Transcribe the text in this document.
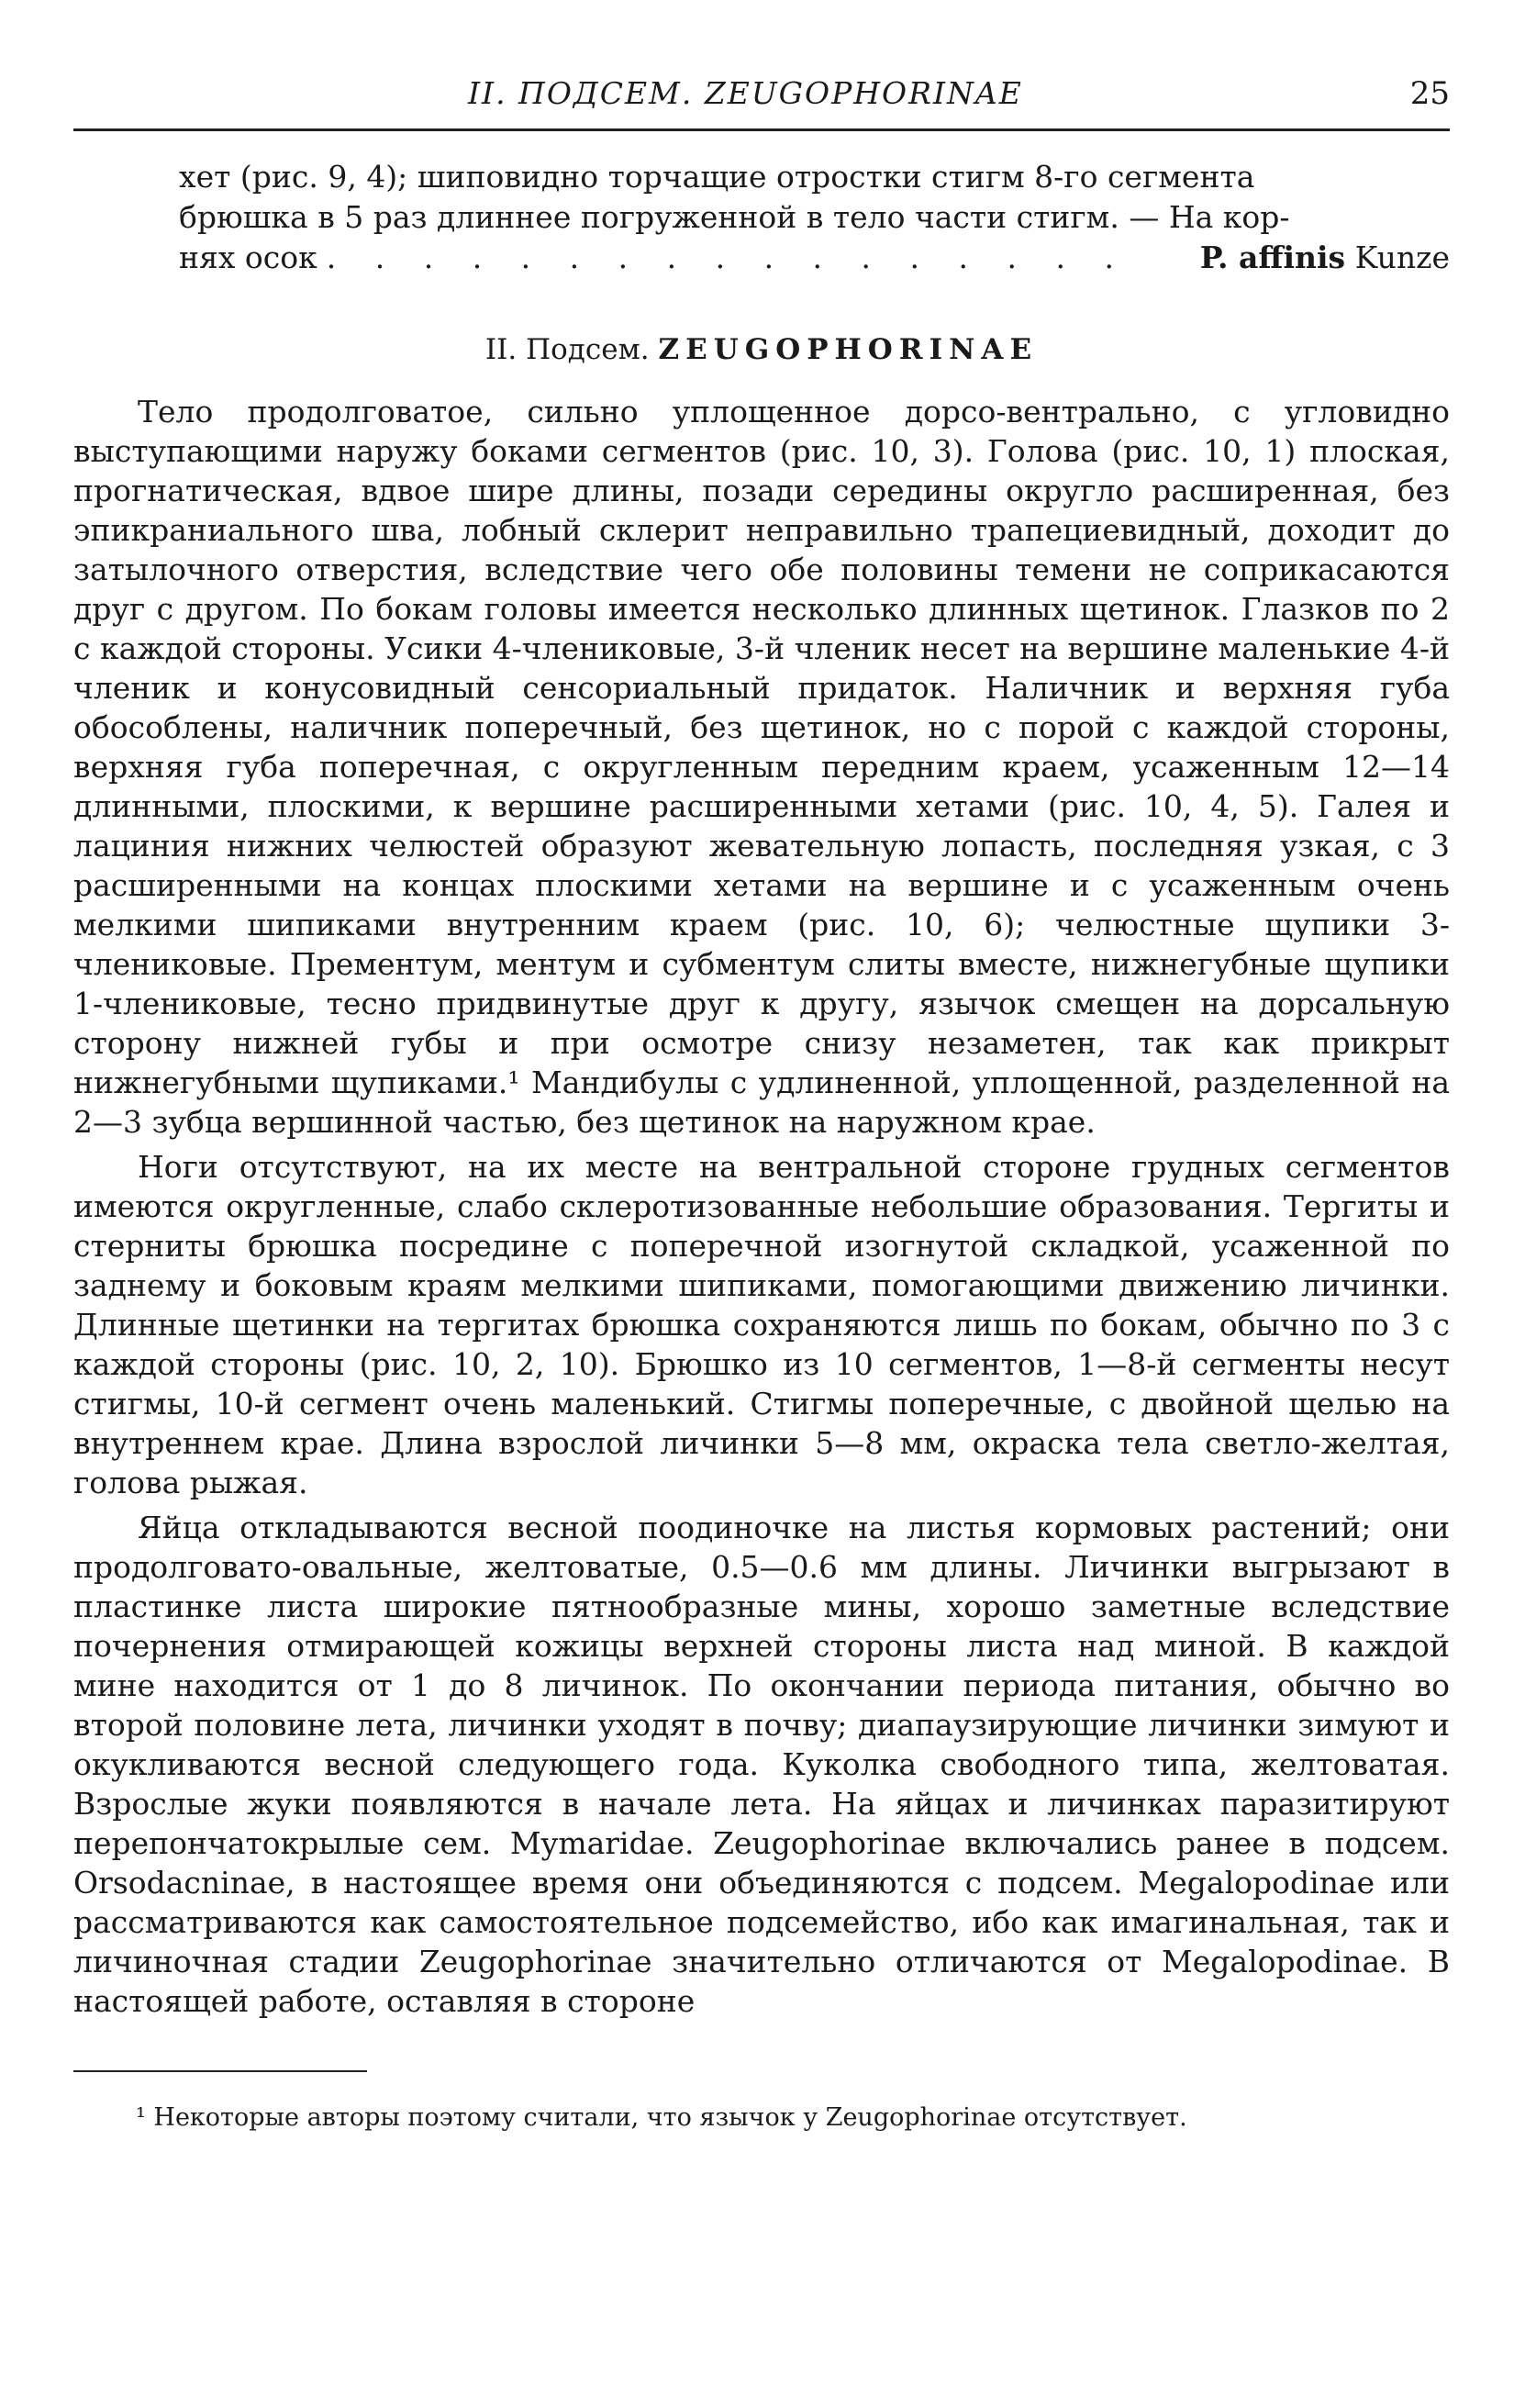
II. ПОДСЕМ. ZEUGOPHORINAE	25
хет (рис. 9, 4); шиповидно торчащие отростки стигм 8-го сегмента
брюшка в 5 раз длиннее погруженной в тело части стигм. — На кор-
нях осок . . . . . . . . . . . . . . . . .	P. affinis
Kunze
II. Подсем. ZEUGOPHORINAE

Тело продолговатое, сильно уплощенное дорсо-вентрально, с угловидно выступающими наружу боками сегментов (рис. 10, 3). Голова (рис. 10, 1) плоская, прогнатическая, вдвое шире длины, позади середины округло расширенная, без эпикраниального шва, лобный склерит неправильно трапециевидный, доходит до затылочного отверстия, вследствие чего обе половины темени не соприкасаются друг с другом. По бокам головы имеется несколько длинных щетинок. Глазков по 2 с каждой стороны. Усики 4-члениковые, 3-й членик несет на вершине маленькие 4-й членик и конусовидный сенсориальный придаток. Наличник и верхняя губа обособлены, наличник поперечный, без щетинок, но с порой с каждой стороны, верхняя губа поперечная, с округленным передним краем, усаженным 12—14 длинными, плоскими, к вершине расширенными хетами (рис. 10, 4, 5). Галея и лациния нижних челюстей образуют жевательную лопасть, последняя узкая, с 3 расширенными на концах плоскими хетами на вершине и с усаженным очень мелкими шипиками внутренним краем (рис. 10, 6); челюстные щупики 3-члениковые. Прементум, ментум и субментум слиты вместе, нижнегубные щупики 1-члениковые, тесно придвинутые друг к другу, язычок смещен на дорсальную сторону нижней губы и при осмотре снизу незаметен, так как прикрыт нижнегубными щупиками.¹ Мандибулы с удлиненной, уплощенной, разделенной на 2—3 зубца вершинной частью, без щетинок на наружном крае.

Ноги отсутствуют, на их месте на вентральной стороне грудных сегментов имеются округленные, слабо склеротизованные небольшие образования. Тергиты и стерниты брюшка посредине с поперечной изогнутой складкой, усаженной по заднему и боковым краям мелкими шипиками, помогающими движению личинки. Длинные щетинки на тергитах брюшка сохраняются лишь по бокам, обычно по 3 с каждой стороны (рис. 10, 2, 10). Брюшко из 10 сегментов, 1—8-й сегменты несут стигмы, 10-й сегмент очень маленький. Стигмы поперечные, с двойной щелью на внутреннем крае. Длина взрослой личинки 5—8 мм, окраска тела светло-желтая, голова рыжая.

Яйца откладываются весной поодиночке на листья кормовых растений; они продолговато-овальные, желтоватые, 0.5—0.6 мм длины. Личинки выгрызают в пластинке листа широкие пятнообразные мины, хорошо заметные вследствие почернения отмирающей кожицы верхней стороны листа над миной. В каждой мине находится от 1 до 8 личинок. По окончании периода питания, обычно во второй половине лета, личинки уходят в почву; диапаузирующие личинки зимуют и окукливаются весной следующего года. Куколка свободного типа, желтоватая. Взрослые жуки появляются в начале лета. На яйцах и личинках паразитируют перепончатокрылые сем. Mymaridae. Zeugophorinae включались ранее в подсем. Orsodacninae, в настоящее время они объединяются с подсем. Megalopodinae или рассматриваются как самостоятельное подсемейство, ибо как имагинальная, так и личиночная стадии Zeugophorinae значительно отличаются от Megalopodinae. В настоящей работе, оставляя в стороне

¹ Некоторые авторы поэтому считали, что язычок у Zeugophorinae отсутствует.
